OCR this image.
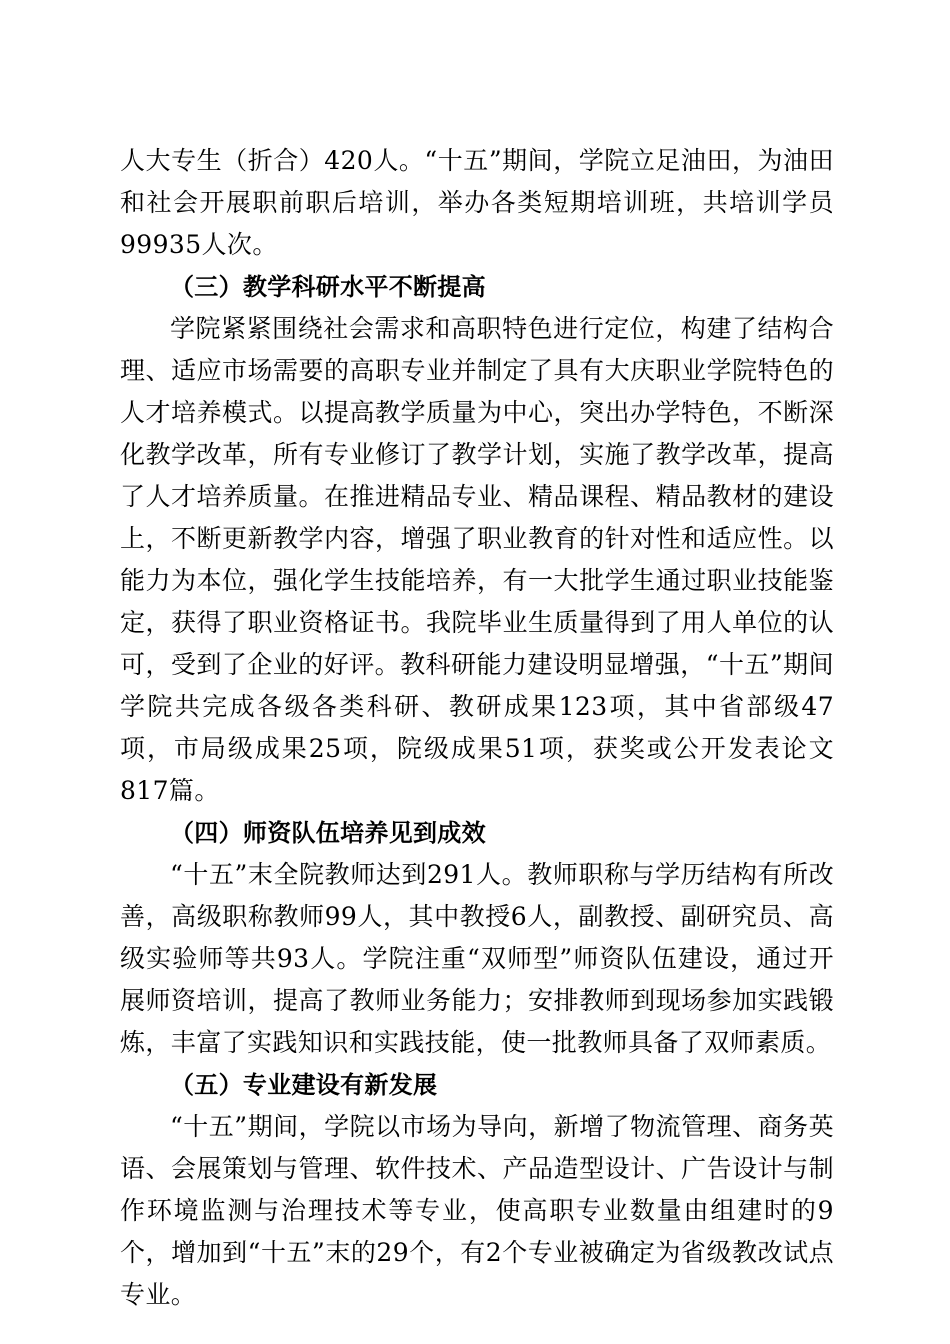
人大专生（折合）420人。“十五”期间，学院立足油田，为油田和社会开展职前职后培训，举办各类短期培训班，共培训学员99935人次。

（三）教学科研水平不断提高

学院紧紧围绕社会需求和高职特色进行定位，构建了结构合理、适应市场需要的高职专业并制定了具有大庆职业学院特色的人才培养模式。以提高教学质量为中心，突出办学特色，不断深化教学改革，所有专业修订了教学计划，实施了教学改革，提高了人才培养质量。在推进精品专业、精品课程、精品教材的建设上，不断更新教学内容，增强了职业教育的针对性和适应性。以能力为本位，强化学生技能培养，有一大批学生通过职业技能鉴定，获得了职业资格证书。我院毕业生质量得到了用人单位的认可，受到了企业的好评。教科研能力建设明显增强，“十五”期间学院共完成各级各类科研、教研成果123项，其中省部级47项，市局级成果25项，院级成果51项，获奖或公开发表论文817篇。

（四）师资队伍培养见到成效

“十五”末全院教师达到291人。教师职称与学历结构有所改善，高级职称教师99人，其中教授6人，副教授、副研究员、高级实验师等共93人。学院注重“双师型”师资队伍建设，通过开展师资培训，提高了教师业务能力；安排教师到现场参加实践锻炼，丰富了实践知识和实践技能，使一批教师具备了双师素质。

（五）专业建设有新发展

“十五”期间，学院以市场为导向，新增了物流管理、商务英语、会展策划与管理、软件技术、产品造型设计、广告设计与制作环境监测与治理技术等专业，使高职专业数量由组建时的9个，增加到“十五”末的29个，有2个专业被确定为省级教改试点专业。
